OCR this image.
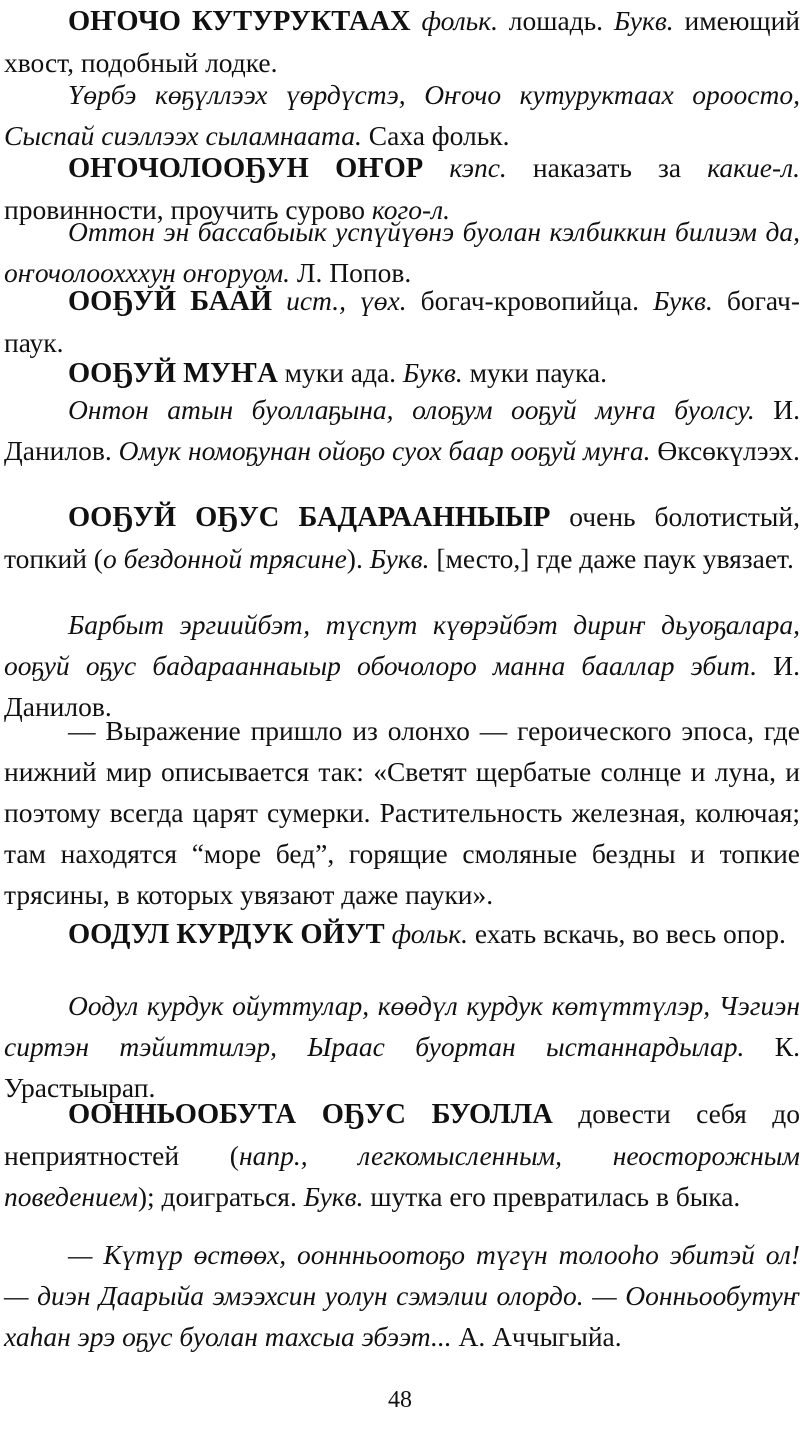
ОҤОЧО КУТУРУКТААХ фольк. лошадь. Букв. имеющий хвост, подобный лодке.

Үөрбэ көҕүллээх үөрдүстэ, Оҥочо кутуруктаах ороосто, Сыспай сиэллээх сыламнаата. Саха фольк.

ОҤОЧОЛООҔУН ОҤОР кэпс. наказать за какие-л. провинности, проучить сурово кого-л.

Оттон эн бассабыык успүйүөнэ буолан кэлбиккин билиэм да, оҥочолоохххун оҥоруом. Л. Попов.

ООҔУЙ БААЙ ист., үөх. богач-кровопийца. Букв. богач-паук.

ООҔУЙ МУҤА муки ада. Букв. муки паука.

Онтон атын буоллаҕына, олоҕум ооҕуй муҥа буолсу. И. Данилов. Омук номоҕунан ойоҕо суох баар ооҕуй муҥа. Өксөкүлээх.

ООҔУЙ ОҔУС БАДАРААННЫЫР очень болотистый, топкий (о бездонной трясине). Букв. [место,] где даже паук увязает.

Барбыт эргиийбэт, түспут күөрэйбэт дириҥ дьуоҕалара, ооҕуй оҕус бадарааннаыыр обочолоро манна бааллар эбит. И. Данилов.

— Выражение пришло из олонхо — героического эпоса, где нижний мир описывается так: «Светят щербатые солнце и луна, и поэтому всегда царят сумерки. Растительность железная, колючая; там находятся “море бед”, горящие смоляные бездны и топкие трясины, в которых увязают даже пауки».

ООДУЛ КУРДУК ОЙУТ фольк. ехать вскачь, во весь опор.

Оодул курдук ойуттулар, көөдүл курдук көтүттүлэр, Чэгиэн сиртэн тэйиттилэр, Ыраас буортан ыстаннардылар. К. Урастыырап.

ООННЬООБУТА ОҔУС БУОЛЛА довести себя до неприятностей (напр., легкомысленным, неосторожным поведением); доиграться. Букв. шутка его превратилась в быка.

— Күтүр өстөөх, ооннньоотоҕо түгүн толооhо эбитэй ол! — диэн Даарыйа эмээхсин уолун сэмэлии олордо. — Оонньообутуҥ хаһан эрэ оҕус буолан тахсыа эбээт... А. Аччыгыйа.

48
